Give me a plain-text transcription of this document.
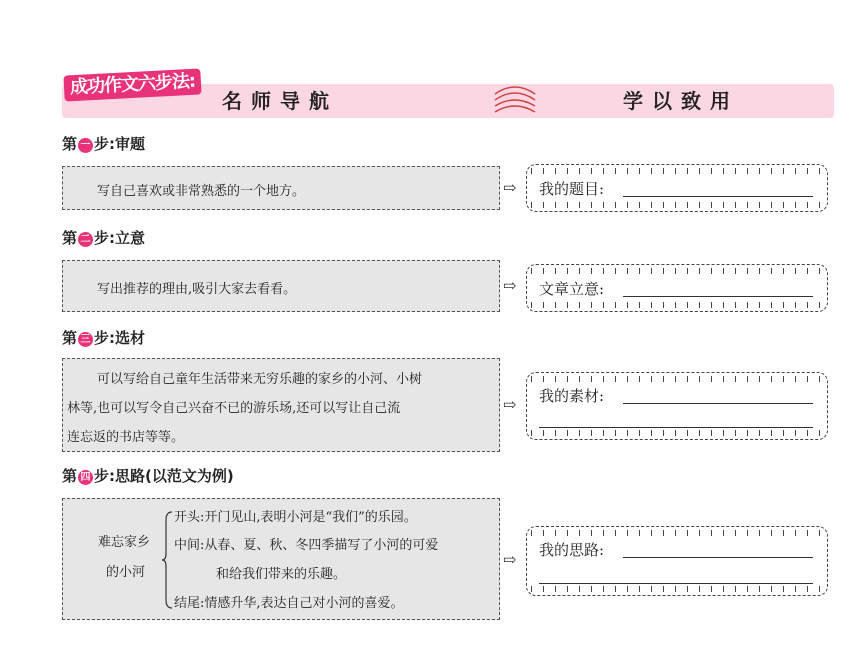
成功作文六步法:
名师导航	学以致用
第 一 步:审题

写自己喜欢或非常熟悉的一个地方。	⇨ 我的题目:
第 二 步:立意

写出推荐的理由,吸引大家去看看。	⇨ 文章立意:
第 三 步:选材

可以写给自己童年生活带来无穷乐趣的家乡的小河、小树

林等,也可以写令自己兴奋不已的游乐场,还可以写让自己流

连忘返的书店等等。

⇨ 我的素材:
第 四 步:思路(以范文为例)
难忘家乡
的小河
开头:开门见山,表明小河是“我们”的乐园。
中间:从春、夏、秋、冬四季描写了小河的可爱
和给我们带来的乐趣。
结尾:情感升华,表达自己对小河的喜爱。
⇨ 我的思路:
